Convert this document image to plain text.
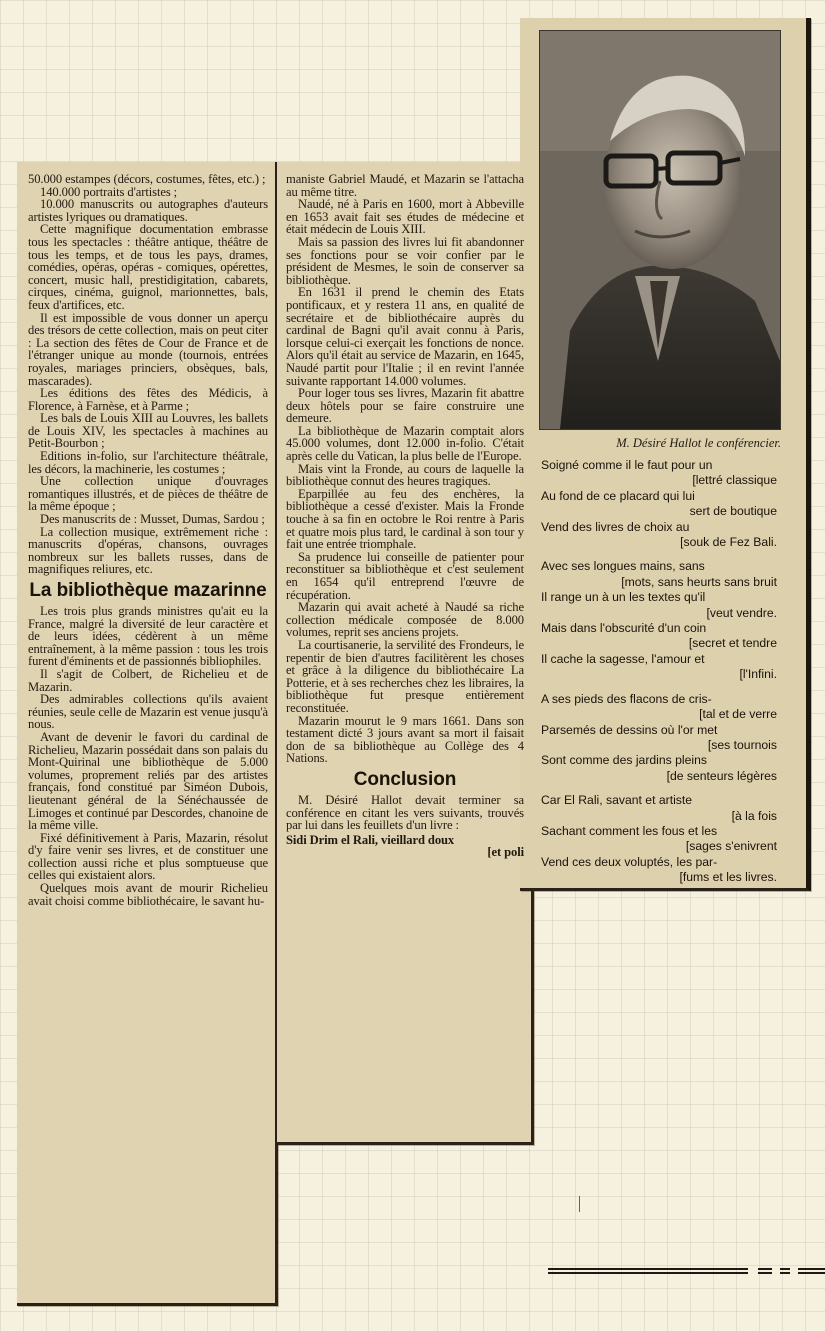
50.000 estampes (décors, costumes, fêtes, etc.) ;

140.000 portraits d'artistes ;

10.000 manuscrits ou autographes d'auteurs artistes lyriques ou dramatiques.

Cette magnifique documentation embrasse tous les spectacles : théâtre antique, théâtre de tous les temps, et de tous les pays, drames, comédies, opéras, opéras - comiques, opérettes, concert, music hall, prestidigitation, cabarets, cirques, cinéma, guignol, marionnettes, bals, feux d'artifices, etc.

Il est impossible de vous donner un aperçu des trésors de cette collection, mais on peut citer : La section des fêtes de Cour de France et de l'étranger unique au monde (tournois, entrées royales, mariages princiers, obsèques, bals, mascarades).

Les éditions des fêtes des Médicis, à Florence, à Farnèse, et à Parme ;

Les bals de Louis XIII au Louvres, les ballets de Louis XIV, les spectacles à machines au Petit-Bourbon ;

Editions in-folio, sur l'architecture théâtrale, les décors, la machinerie, les costumes ;

Une collection unique d'ouvrages romantiques illustrés, et de pièces de théâtre de la même époque ;

Des manuscrits de : Musset, Dumas, Sardou ;

La collection musique, extrêmement riche : manuscrits d'opéras, chansons, ouvrages nombreux sur les ballets russes, dans de magnifiques reliures, etc.

La bibliothèque mazarinne

Les trois plus grands ministres qu'ait eu la France, malgré la diversité de leur caractère et de leurs idées, cédèrent à un même entraînement, à la même passion : tous les trois furent d'éminents et de passionnés bibliophiles.

Il s'agit de Colbert, de Richelieu et de Mazarin.

Des admirables collections qu'ils avaient réunies, seule celle de Mazarin est venue jusqu'à nous.

Avant de devenir le favori du cardinal de Richelieu, Mazarin possédait dans son palais du Mont-Quirinal une bibliothèque de 5.000 volumes, proprement reliés par des artistes français, fond constitué par Siméon Dubois, lieutenant général de la Sénéchaussée de Limoges et continué par Descordes, chanoine de la même ville.

Fixé définitivement à Paris, Mazarin, résolut d'y faire venir ses livres, et de constituer une collection aussi riche et plus somptueuse que celles qui existaient alors.

Quelques mois avant de mourir Richelieu avait choisi comme bibliothécaire, le savant hu-

maniste Gabriel Maudé, et Mazarin se l'attacha au même titre.

Naudé, né à Paris en 1600, mort à Abbeville en 1653 avait fait ses études de médecine et était médecin de Louis XIII.

Mais sa passion des livres lui fit abandonner ses fonctions pour se voir confier par le président de Mesmes, le soin de conserver sa bibliothèque.

En 1631 il prend le chemin des Etats pontificaux, et y restera 11 ans, en qualité de secrétaire et de bibliothécaire auprès du cardinal de Bagni qu'il avait connu à Paris, lorsque celui-ci exerçait les fonctions de nonce. Alors qu'il était au service de Mazarin, en 1645, Naudé partit pour l'Italie ; il en revint l'année suivante rapportant 14.000 volumes.

Pour loger tous ses livres, Mazarin fit abattre deux hôtels pour se faire construire une demeure.

La bibliothèque de Mazarin comptait alors 45.000 volumes, dont 12.000 in-folio. C'était après celle du Vatican, la plus belle de l'Europe.

Mais vint la Fronde, au cours de laquelle la bibliothèque connut des heures tragiques.

Eparpillée au feu des enchères, la bibliothèque a cessé d'exister. Mais la Fronde touche à sa fin en octobre le Roi rentre à Paris et quatre mois plus tard, le cardinal à son tour y fait une entrée triomphale.

Sa prudence lui conseille de patienter pour reconstituer sa bibliothèque et c'est seulement en 1654 qu'il entreprend l'œuvre de récupération.

Mazarin qui avait acheté à Naudé sa riche collection médicale composée de 8.000 volumes, reprit ses anciens projets.

La courtisanerie, la servilité des Frondeurs, le repentir de bien d'autres facilitèrent les choses et grâce à la diligence du bibliothécaire La Potterie, et à ses recherches chez les libraires, la bibliothèque fut presque entièrement reconstituée.

Mazarin mourut le 9 mars 1661. Dans son testament dicté 3 jours avant sa mort il faisait don de sa bibliothèque au Collège des 4 Nations.

Conclusion

M. Désiré Hallot devait terminer sa conférence en citant les vers suivants, trouvés par lui dans les feuillets d'un livre :

Sidi Drim el Rali, vieillard doux
[et poli
M. Désiré Hallot le conférencier.
Soigné comme il le faut pour un
[lettré classique
Au fond de ce placard qui lui
sert de boutique
Vend des livres de choix au
[souk de Fez Bali.
Avec ses longues mains, sans
[mots, sans heurts sans bruit
Il range un à un les textes qu'il
[veut vendre.
Mais dans l'obscurité d'un coin
[secret et tendre
Il cache la sagesse, l'amour et
[l'Infini.
A ses pieds des flacons de cris-
[tal et de verre
Parsemés de dessins où l'or met
[ses tournois
Sont comme des jardins pleins
[de senteurs légères
Car El Rali, savant et artiste
[à la fois
Sachant comment les fous et les
[sages s'enivrent
Vend ces deux voluptés, les par-
[fums et les livres.
